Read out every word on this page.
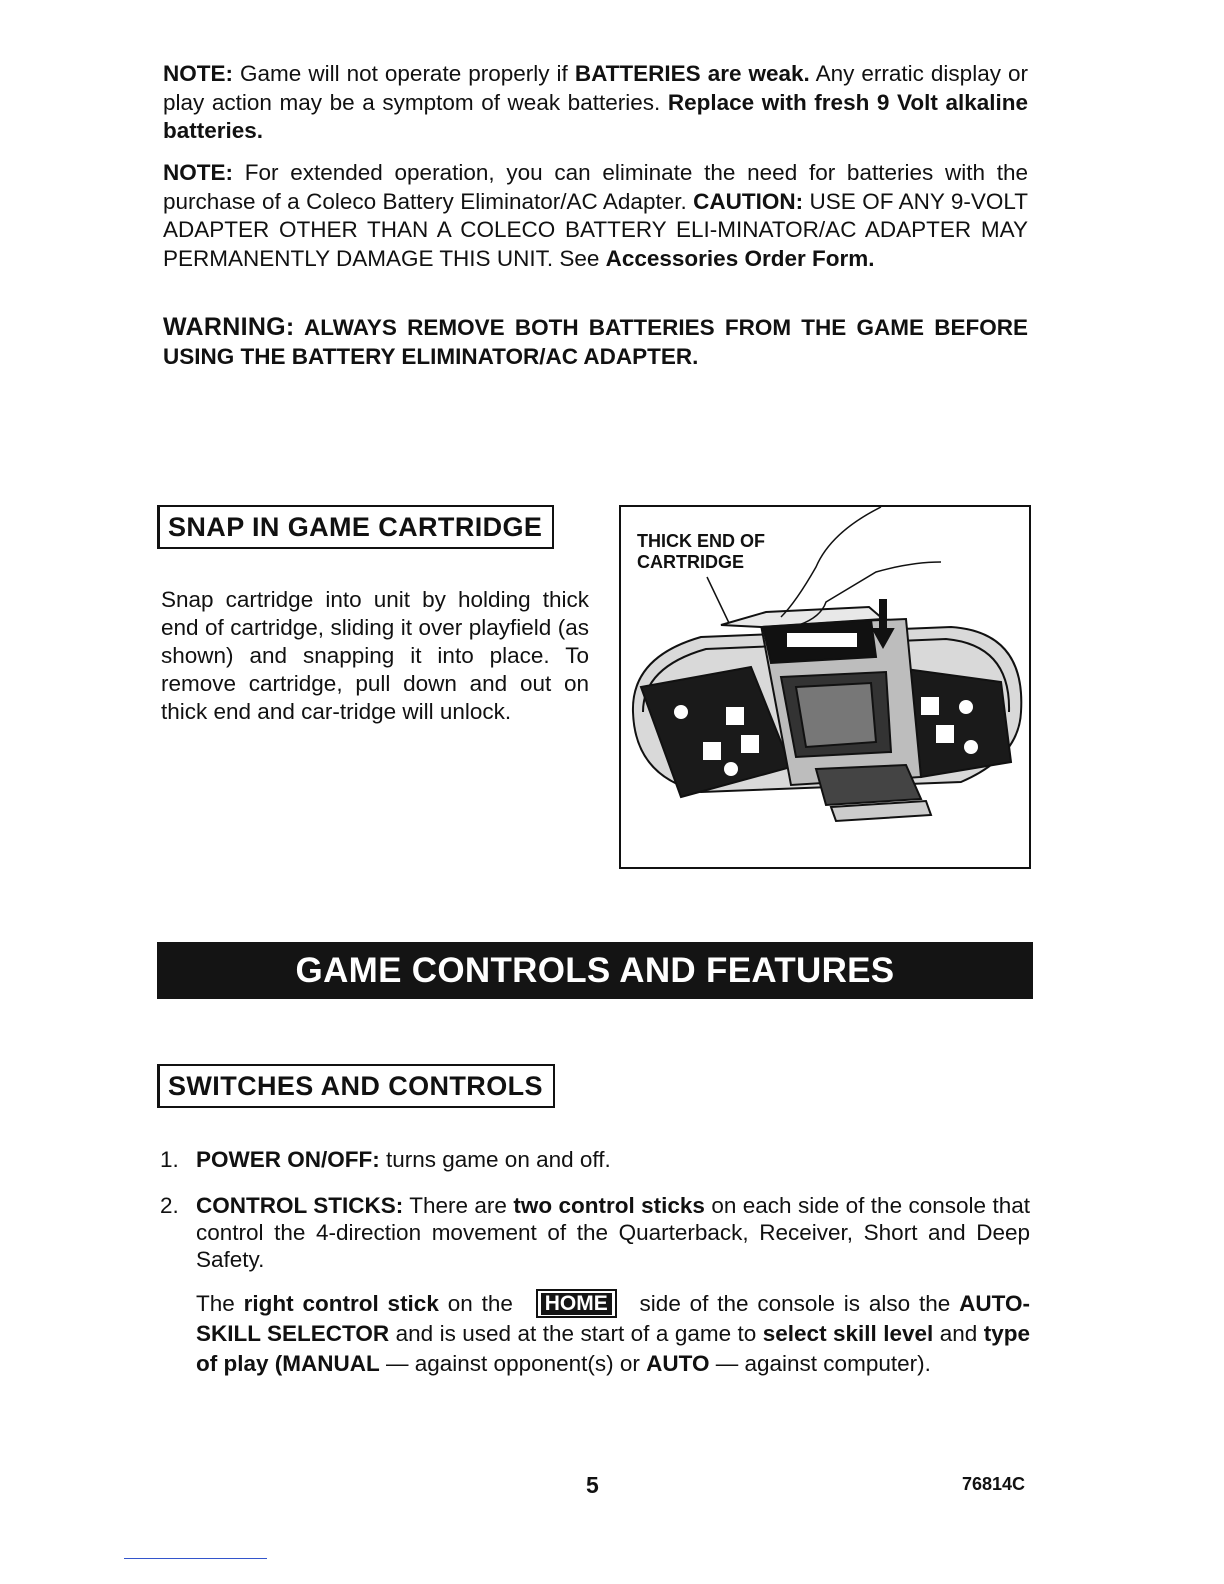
NOTE: Game will not operate properly if BATTERIES are weak. Any erratic display or play action may be a symptom of weak batteries. Replace with fresh 9 Volt alkaline batteries.

NOTE: For extended operation, you can eliminate the need for batteries with the purchase of a Coleco Battery Eliminator/AC Adapter. CAUTION: USE OF ANY 9-VOLT ADAPTER OTHER THAN A COLECO BATTERY ELI-MINATOR/AC ADAPTER MAY PERMANENTLY DAMAGE THIS UNIT. See Accessories Order Form.

WARNING: ALWAYS REMOVE BOTH BATTERIES FROM THE GAME BEFORE USING THE BATTERY ELIMINATOR/AC ADAPTER.

SNAP IN GAME CARTRIDGE

Snap cartridge into unit by holding thick end of cartridge, sliding it over playfield (as shown) and snapping it into place. To remove cartridge, pull down and out on thick end and car-tridge will unlock.

THICK END OF
CARTRIDGE
GAME CONTROLS AND FEATURES
SWITCHES AND CONTROLS
1. POWER ON/OFF: turns game on and off.
2. CONTROL STICKS: There are two control sticks on each side of the console that control the 4-direction movement of the Quarterback, Receiver, Short and Deep Safety.
The right control stick on the HOME side of the console is also the AUTO-SKILL SELECTOR and is used at the start of a game to select skill level and type of play (MANUAL — against opponent(s) or AUTO — against computer).
5	76814C
